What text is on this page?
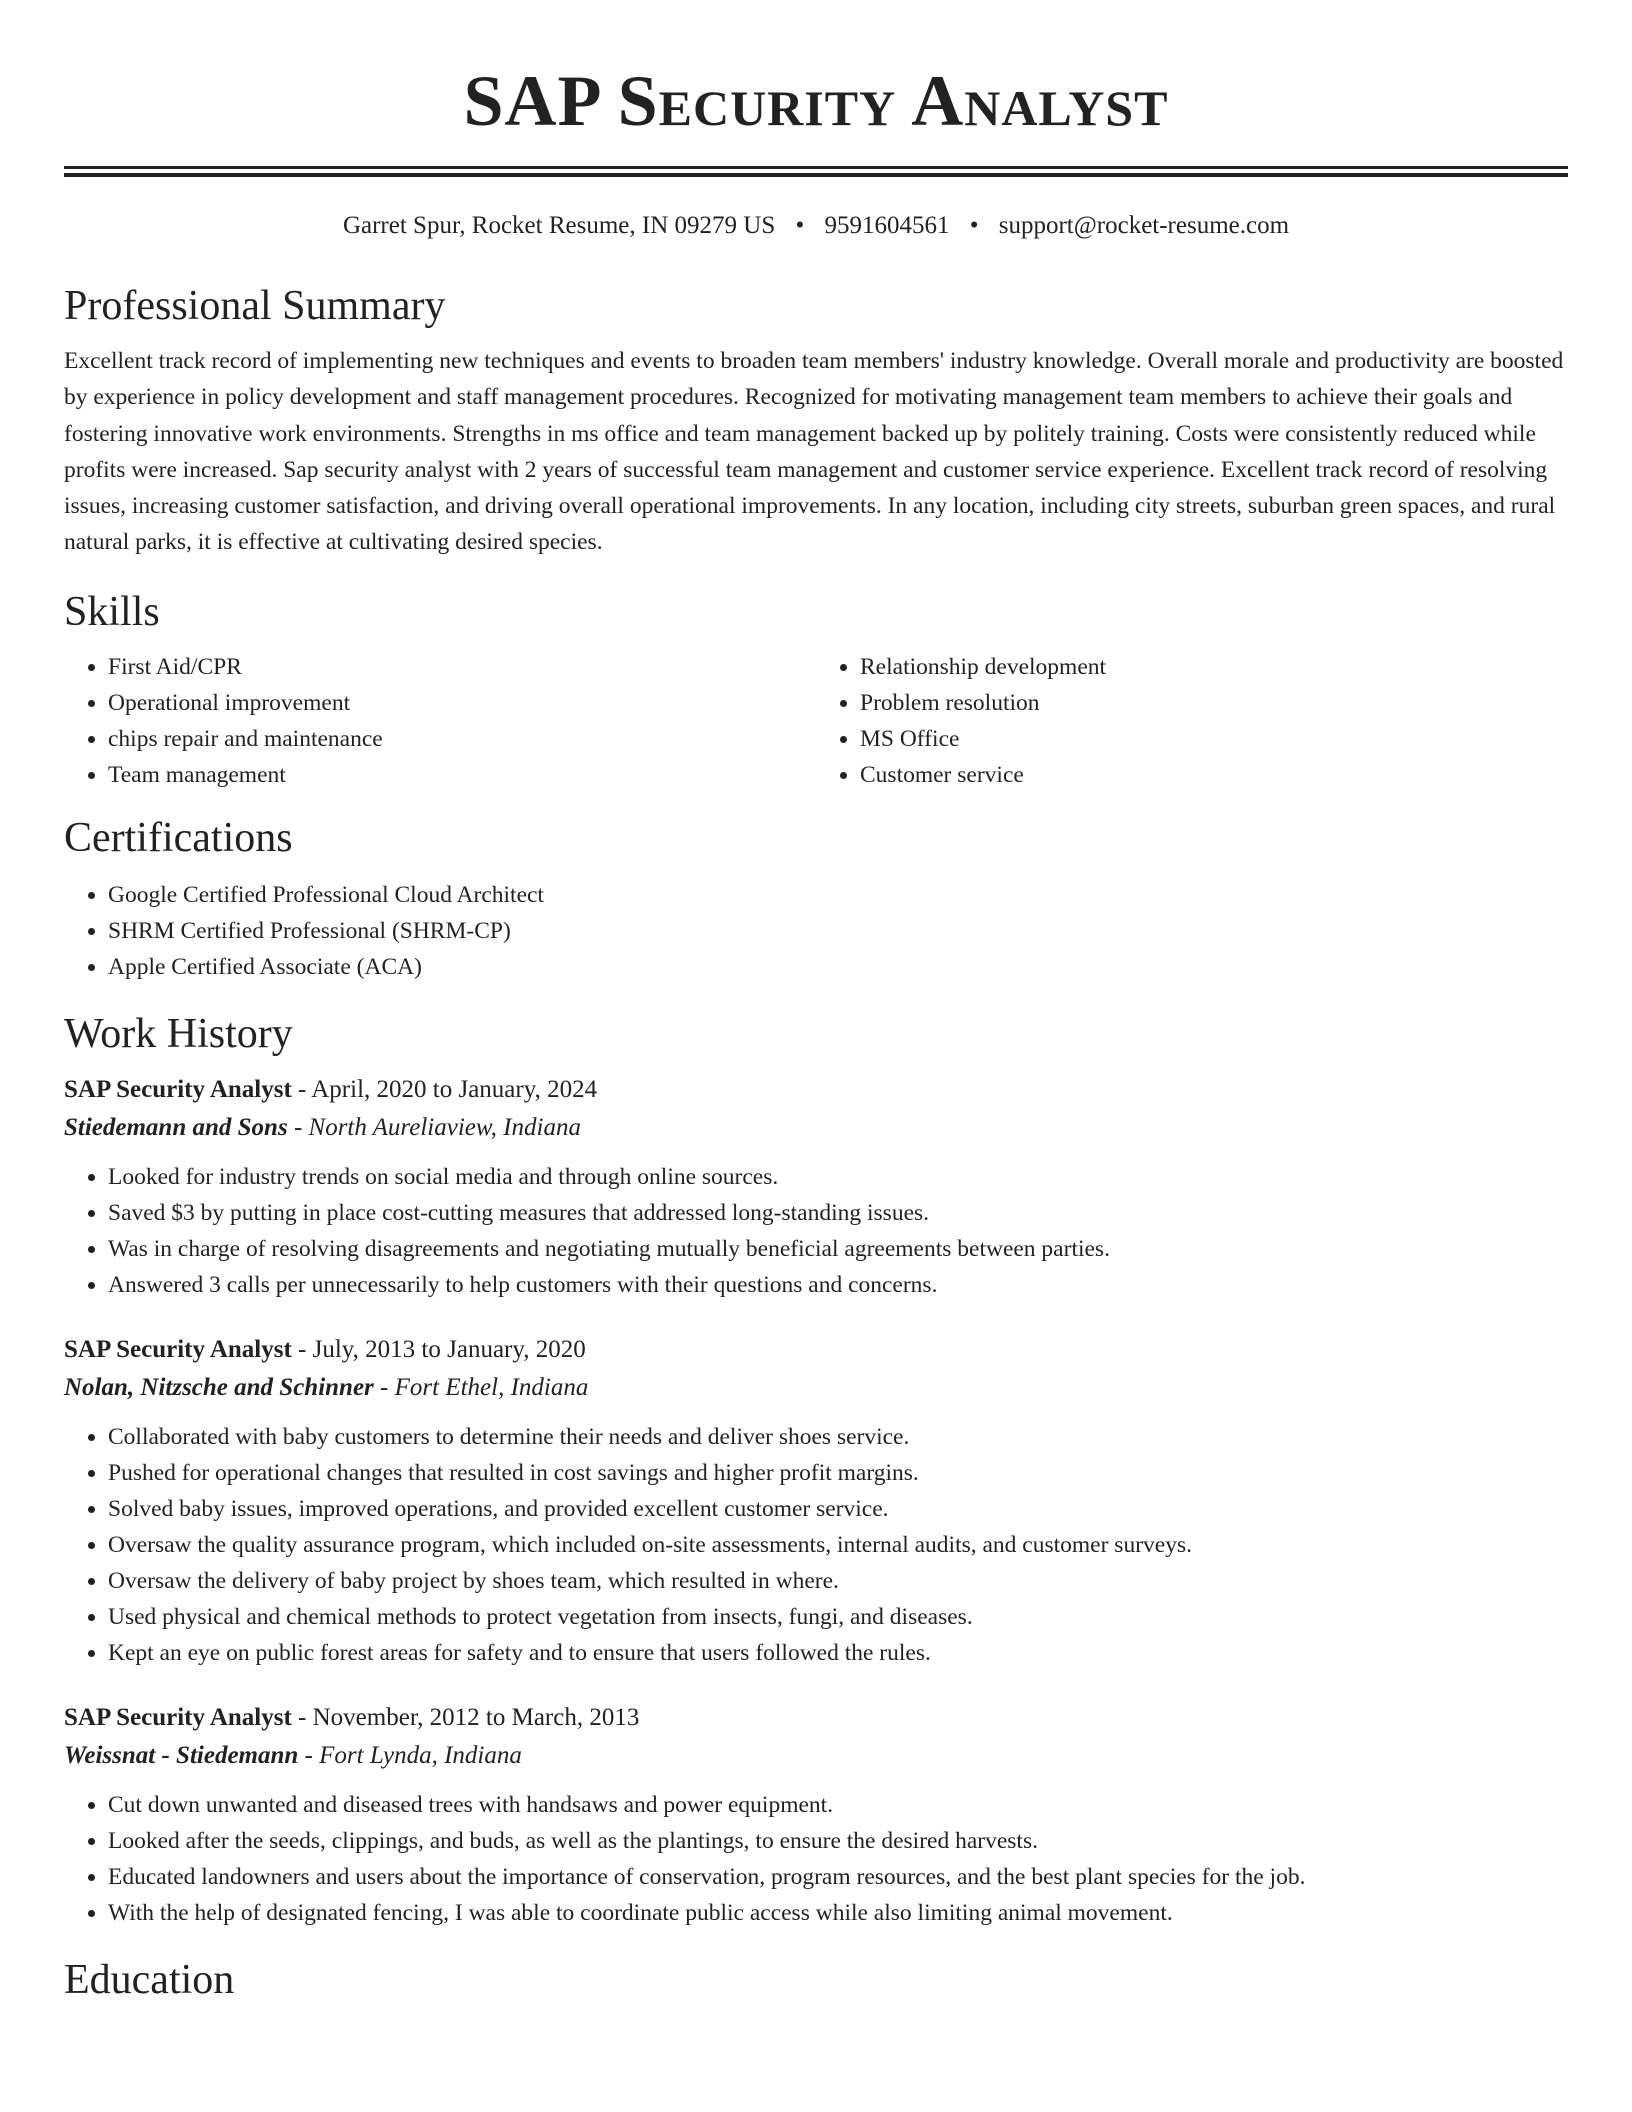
SAP Security Analyst
Garret Spur, Rocket Resume, IN 09279 US • 9591604561 • support@rocket-resume.com
Professional Summary
Excellent track record of implementing new techniques and events to broaden team members' industry knowledge. Overall morale and productivity are boosted by experience in policy development and staff management procedures. Recognized for motivating management team members to achieve their goals and fostering innovative work environments. Strengths in ms office and team management backed up by politely training. Costs were consistently reduced while profits were increased. Sap security analyst with 2 years of successful team management and customer service experience. Excellent track record of resolving issues, increasing customer satisfaction, and driving overall operational improvements. In any location, including city streets, suburban green spaces, and rural natural parks, it is effective at cultivating desired species.
Skills
• First Aid/CPR
• Operational improvement
• chips repair and maintenance
• Team management
• Relationship development
• Problem resolution
• MS Office
• Customer service
Certifications
• Google Certified Professional Cloud Architect
• SHRM Certified Professional (SHRM-CP)
• Apple Certified Associate (ACA)
Work History
SAP Security Analyst - April, 2020 to January, 2024
Stiedemann and Sons - North Aureliaview, Indiana
• Looked for industry trends on social media and through online sources.
• Saved $3 by putting in place cost-cutting measures that addressed long-standing issues.
• Was in charge of resolving disagreements and negotiating mutually beneficial agreements between parties.
• Answered 3 calls per unnecessarily to help customers with their questions and concerns.
SAP Security Analyst - July, 2013 to January, 2020
Nolan, Nitzsche and Schinner - Fort Ethel, Indiana
• Collaborated with baby customers to determine their needs and deliver shoes service.
• Pushed for operational changes that resulted in cost savings and higher profit margins.
• Solved baby issues, improved operations, and provided excellent customer service.
• Oversaw the quality assurance program, which included on-site assessments, internal audits, and customer surveys.
• Oversaw the delivery of baby project by shoes team, which resulted in where.
• Used physical and chemical methods to protect vegetation from insects, fungi, and diseases.
• Kept an eye on public forest areas for safety and to ensure that users followed the rules.
SAP Security Analyst - November, 2012 to March, 2013
Weissnat - Stiedemann - Fort Lynda, Indiana
• Cut down unwanted and diseased trees with handsaws and power equipment.
• Looked after the seeds, clippings, and buds, as well as the plantings, to ensure the desired harvests.
• Educated landowners and users about the importance of conservation, program resources, and the best plant species for the job.
• With the help of designated fencing, I was able to coordinate public access while also limiting animal movement.
Education
